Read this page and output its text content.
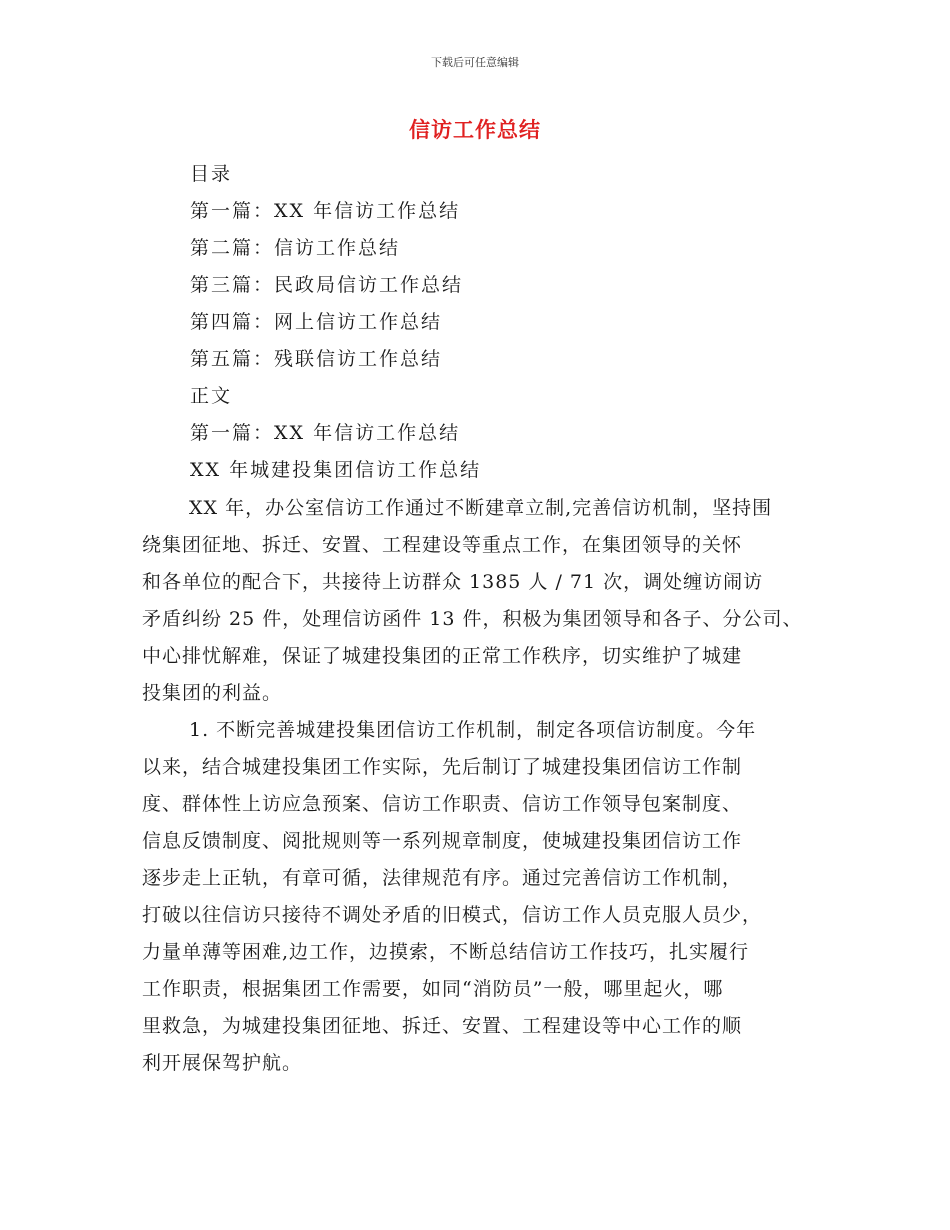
下载后可任意编辑
信访工作总结
目录
第一篇：XX 年信访工作总结
第二篇：信访工作总结
第三篇：民政局信访工作总结
第四篇：网上信访工作总结
第五篇：残联信访工作总结
正文
第一篇：XX 年信访工作总结
XX 年城建投集团信访工作总结

XX 年，办公室信访工作通过不断建章立制,完善信访机制，坚持围
绕集团征地、拆迁、安置、工程建设等重点工作，在集团领导的关怀
和各单位的配合下，共接待上访群众 1385 人 / 71 次，调处缠访闹访
矛盾纠纷 25 件，处理信访函件 13 件，积极为集团领导和各子、分公司、
中心排忧解难，保证了城建投集团的正常工作秩序，切实维护了城建
投集团的利益。

1. 不断完善城建投集团信访工作机制，制定各项信访制度。今年
以来，结合城建投集团工作实际，先后制订了城建投集团信访工作制
度、群体性上访应急预案、信访工作职责、信访工作领导包案制度、
信息反馈制度、阅批规则等一系列规章制度，使城建投集团信访工作
逐步走上正轨，有章可循，法律规范有序。通过完善信访工作机制，
打破以往信访只接待不调处矛盾的旧模式，信访工作人员克服人员少，
力量单薄等困难,边工作，边摸索，不断总结信访工作技巧，扎实履行
工作职责，根据集团工作需要，如同“消防员”一般，哪里起火，哪
里救急，为城建投集团征地、拆迁、安置、工程建设等中心工作的顺
利开展保驾护航。
